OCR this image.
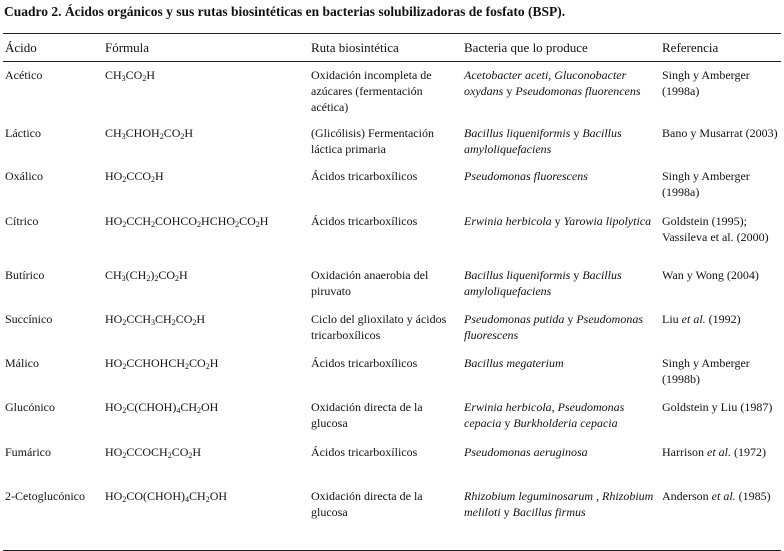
Cuadro 2. Ácidos orgánicos y sus rutas biosintéticas en bacterias solubilizadoras de fosfato (BSP).
Ácido	Fórmula	Ruta biosintética	Bacteria que lo produce	Referencia
Acético	$CH_3CO_2H$	Oxidación incompleta de azúcares (fermentación acética)	Acetobacter aceti, Gluconobacter oxydans y Pseudomonas fluorencens	Singh y Amberger (1998a)
Láctico	$CH_3CHOH_2CO_2H$	(Glicólisis) Fermentación láctica primaria	Bacillus liqueniformis y Bacillus amyloliquefaciens	Bano y Musarrat (2003)
Oxálico	$HO_2CCO_2H$	Ácidos tricarboxílicos	Pseudomonas fluorescens	Singh y Amberger (1998a)
Cítrico	$HO_2CCH_2COHCO_2HCHO_2CO_2H$	Ácidos tricarboxílicos	Erwinia herbicola y Yarowia lipolytica	Goldstein (1995); Vassileva et al. (2000)
Butírico	$CH_3(CH_2)_2CO_2H$	Oxidación anaerobia del piruvato	Bacillus liqueniformis y Bacillus amyloliquefaciens	Wan y Wong (2004)
Succínico	$HO_2CCH_3CH_2CO_2H$	Ciclo del glioxilato y ácidos tricarboxílicos	Pseudomonas putida y Pseudomonas fluorescens	Liu et al. (1992)
Málico	$HO_2CCHOHCH_2CO_2H$	Ácidos tricarboxílicos	Bacillus megaterium	Singh y Amberger (1998b)
Glucónico	$HO_2C(CHOH)_4CH_2OH$	Oxidación directa de la glucosa	Erwinia herbicola, Pseudomonas cepacia y Burkholderia cepacia	Goldstein y Liu (1987)
Fumárico	$HO_2CCOCH_2CO_2H$	Ácidos tricarboxílicos	Pseudomonas aeruginosa	Harrison et al. (1972)
2-Cetoglucónico	$HO_2CO(CHOH)_4CH_2OH$	Oxidación directa de la glucosa	Rhizobium leguminosarum , Rhizobium meliloti y Bacillus firmus	Anderson et al. (1985)
